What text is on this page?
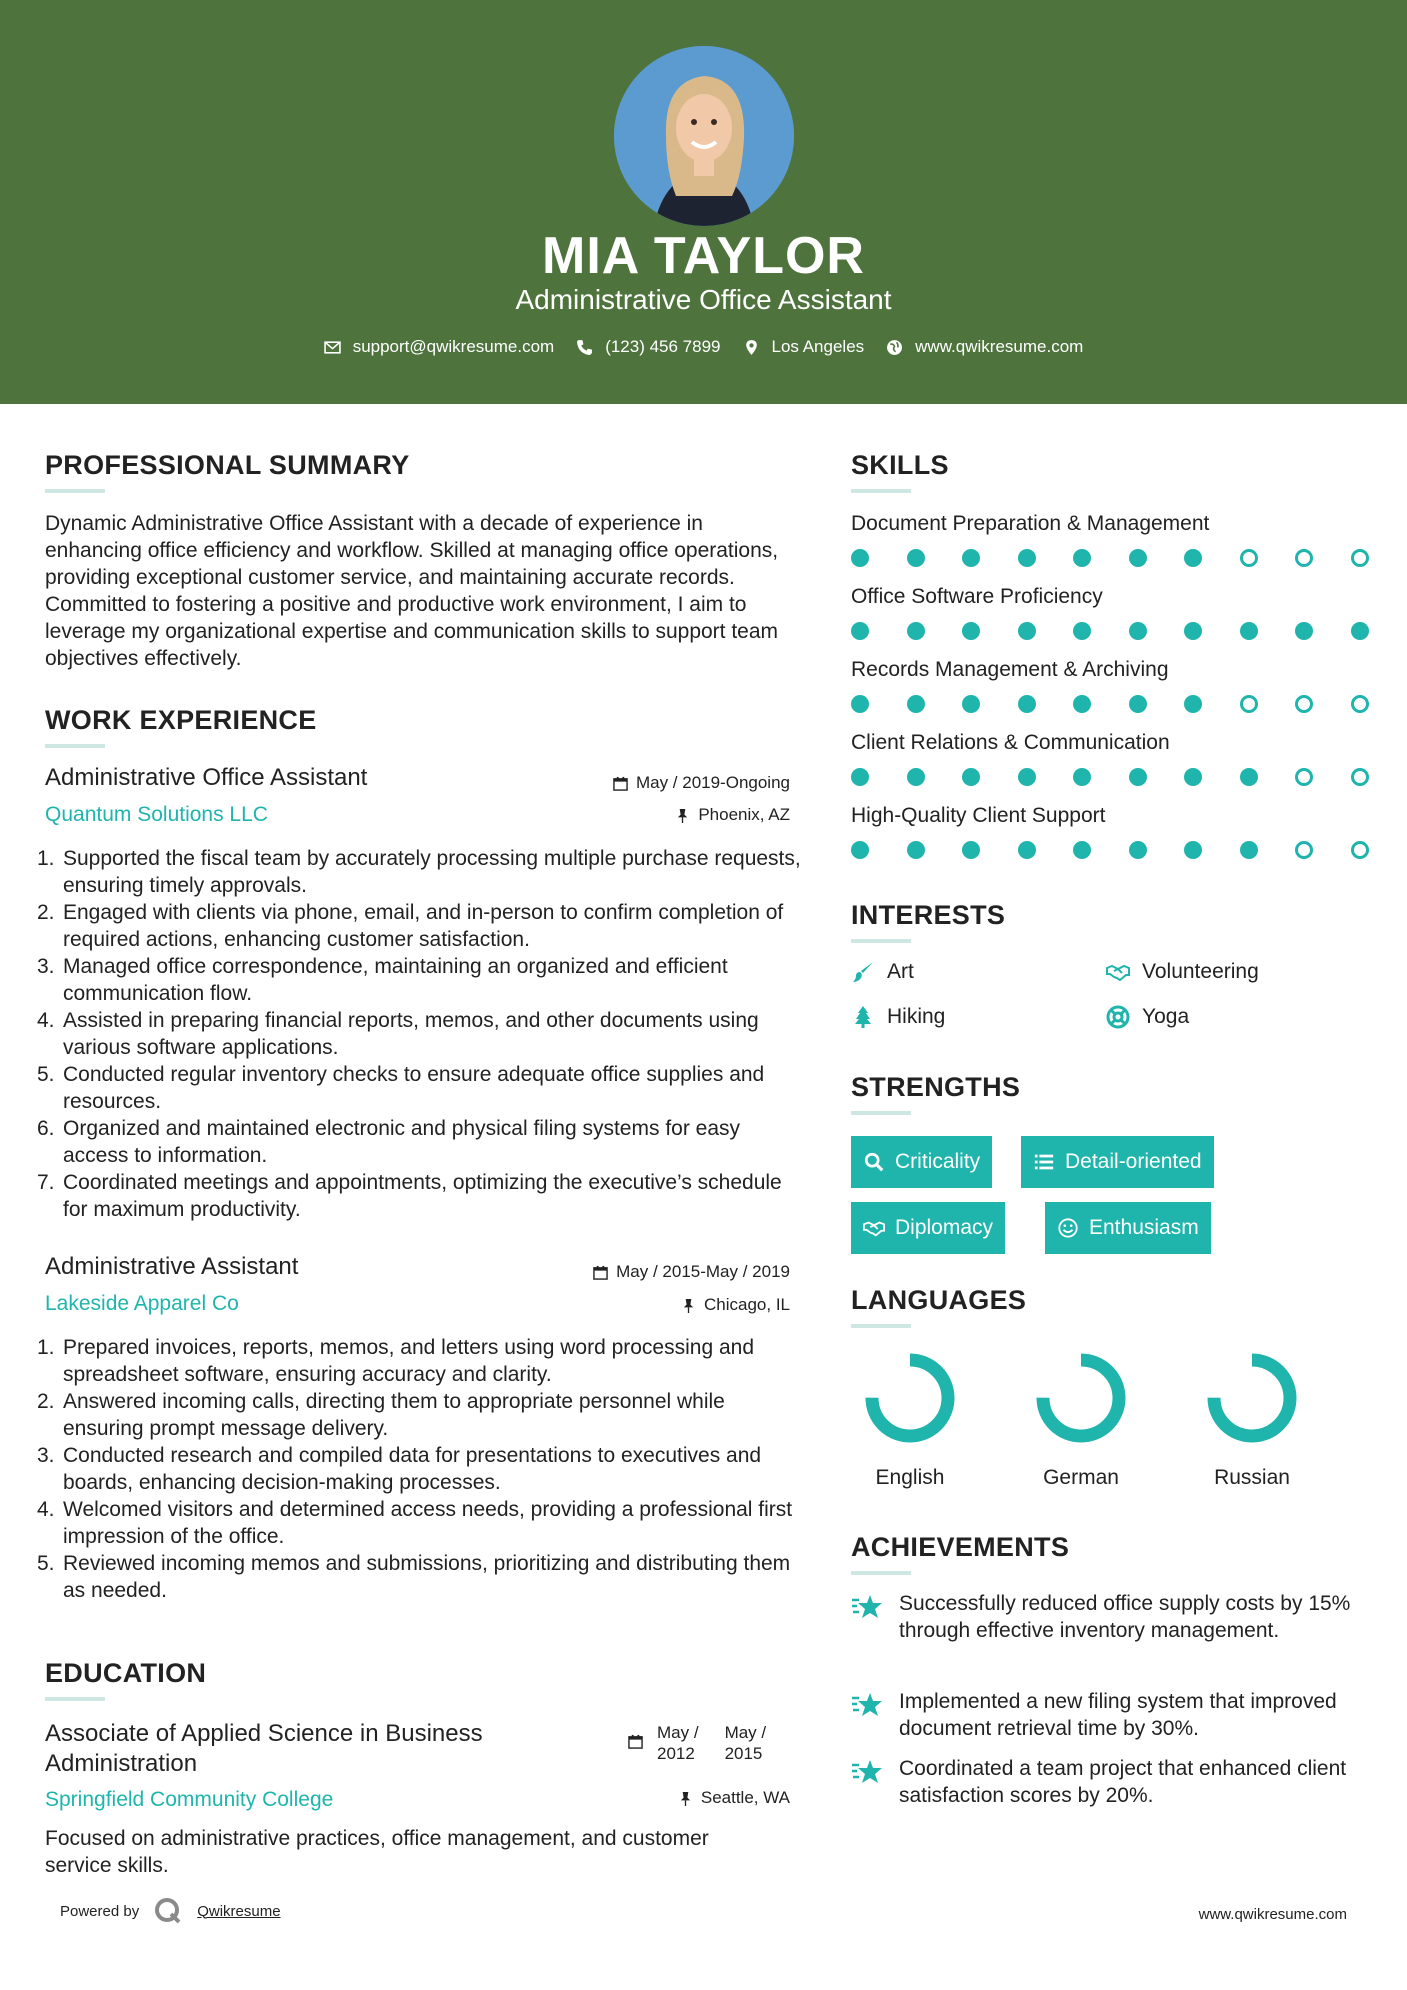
MIA TAYLOR
Administrative Office Assistant
support@qwikresume.com	(123) 456 7899	Los Angeles	www.qwikresume.com
PROFESSIONAL SUMMARY
Dynamic Administrative Office Assistant with a decade of experience in enhancing office efficiency and workflow. Skilled at managing office operations, providing exceptional customer service, and maintaining accurate records. Committed to fostering a positive and productive work environment, I aim to leverage my organizational expertise and communication skills to support team objectives effectively.
WORK EXPERIENCE
Administrative Office Assistant	May / 2019-Ongoing
Quantum Solutions LLC	Phoenix, AZ
1. Supported the fiscal team by accurately processing multiple purchase requests, ensuring timely approvals.
2. Engaged with clients via phone, email, and in-person to confirm completion of required actions, enhancing customer satisfaction.
3. Managed office correspondence, maintaining an organized and efficient communication flow.
4. Assisted in preparing financial reports, memos, and other documents using various software applications.
5. Conducted regular inventory checks to ensure adequate office supplies and resources.
6. Organized and maintained electronic and physical filing systems for easy access to information.
7. Coordinated meetings and appointments, optimizing the executive’s schedule for maximum productivity.
Administrative Assistant	May / 2015-May / 2019
Lakeside Apparel Co	Chicago, IL
1. Prepared invoices, reports, memos, and letters using word processing and spreadsheet software, ensuring accuracy and clarity.
2. Answered incoming calls, directing them to appropriate personnel while ensuring prompt message delivery.
3. Conducted research and compiled data for presentations to executives and boards, enhancing decision-making processes.
4. Welcomed visitors and determined access needs, providing a professional first impression of the office.
5. Reviewed incoming memos and submissions, prioritizing and distributing them as needed.
EDUCATION
Associate of Applied Science in Business
Administration
May /
2012
May /
2015
Springfield Community College	Seattle, WA
Focused on administrative practices, office management, and customer service skills.
SKILLS
Document Preparation & Management
Office Software Proficiency
Records Management & Archiving
Client Relations & Communication
High-Quality Client Support
INTERESTS
Art	Volunteering
Hiking	Yoga
STRENGTHS
Criticality	Detail-oriented
Diplomacy	Enthusiasm
LANGUAGES
English	German	Russian
ACHIEVEMENTS
Successfully reduced office supply costs by 15% through effective inventory management.
Implemented a new filing system that improved document retrieval time by 30%.
Coordinated a team project that enhanced client satisfaction scores by 20%.
Powered by	Qwikresume	www.qwikresume.com
